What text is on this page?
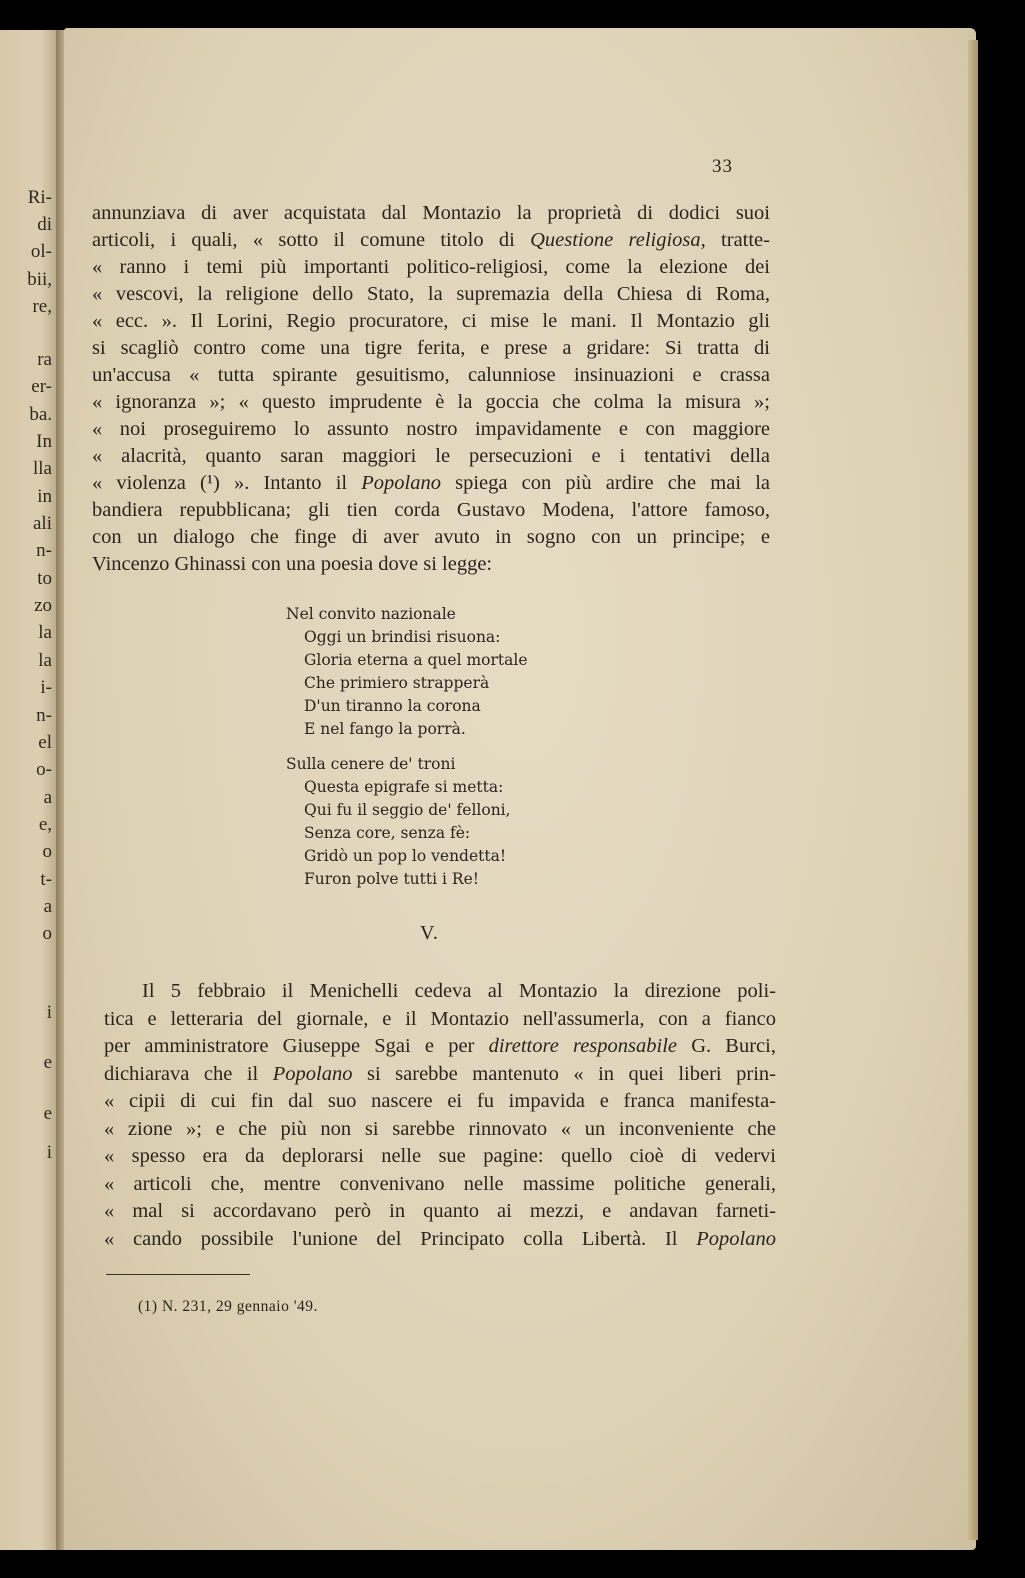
Ri-
di
ol-
bii,
re,
ra
er-
ba.
In
lla
in
ali
n-
to
zo
la
la
i-
n-
el
o-
a
e,
o
t-
a
o
i
e
e
i
33

annunziava di aver acquistata dal Montazio la proprietà di dodici suoi

articoli, i quali, « sotto il comune titolo di Questione religiosa, tratte-

« ranno i temi più importanti politico-religiosi, come la elezione dei

« vescovi, la religione dello Stato, la supremazia della Chiesa di Roma,

« ecc. ». Il Lorini, Regio procuratore, ci mise le mani. Il Montazio gli

si scagliò contro come una tigre ferita, e prese a gridare: Si tratta di

un'accusa « tutta spirante gesuitismo, calunniose insinuazioni e crassa

« ignoranza »; « questo imprudente è la goccia che colma la misura »;

« noi proseguiremo lo assunto nostro impavidamente e con maggiore

« alacrità, quanto saran maggiori le persecuzioni e i tentativi della

« violenza (¹) ». Intanto il Popolano spiega con più ardire che mai la

bandiera repubblicana; gli tien corda Gustavo Modena, l'attore famoso,

con un dialogo che finge di aver avuto in sogno con un principe; e

Vincenzo Ghinassi con una poesia dove si legge:

Nel convito nazionale
Oggi un brindisi risuona:
Gloria eterna a quel mortale
Che primiero strapperà
D'un tiranno la corona
E nel fango la porrà.
Sulla cenere de' troni
Questa epigrafe si metta:
Qui fu il seggio de' felloni,
Senza core, senza fè:
Gridò un pop lo vendetta!
Furon polve tutti i Re!
V.

Il 5 febbraio il Menichelli cedeva al Montazio la direzione poli-

tica e letteraria del giornale, e il Montazio nell'assumerla, con a fianco

per amministratore Giuseppe Sgai e per direttore responsabile G. Burci,

dichiarava che il Popolano si sarebbe mantenuto « in quei liberi prin-

« cipii di cui fin dal suo nascere ei fu impavida e franca manifesta-

« zione »; e che più non si sarebbe rinnovato « un inconveniente che

« spesso era da deplorarsi nelle sue pagine: quello cioè di vedervi

« articoli che, mentre convenivano nelle massime politiche generali,

« mal si accordavano però in quanto ai mezzi, e andavan farneti-

« cando possibile l'unione del Principato colla Libertà. Il Popolano

(1) N. 231, 29 gennaio '49.
